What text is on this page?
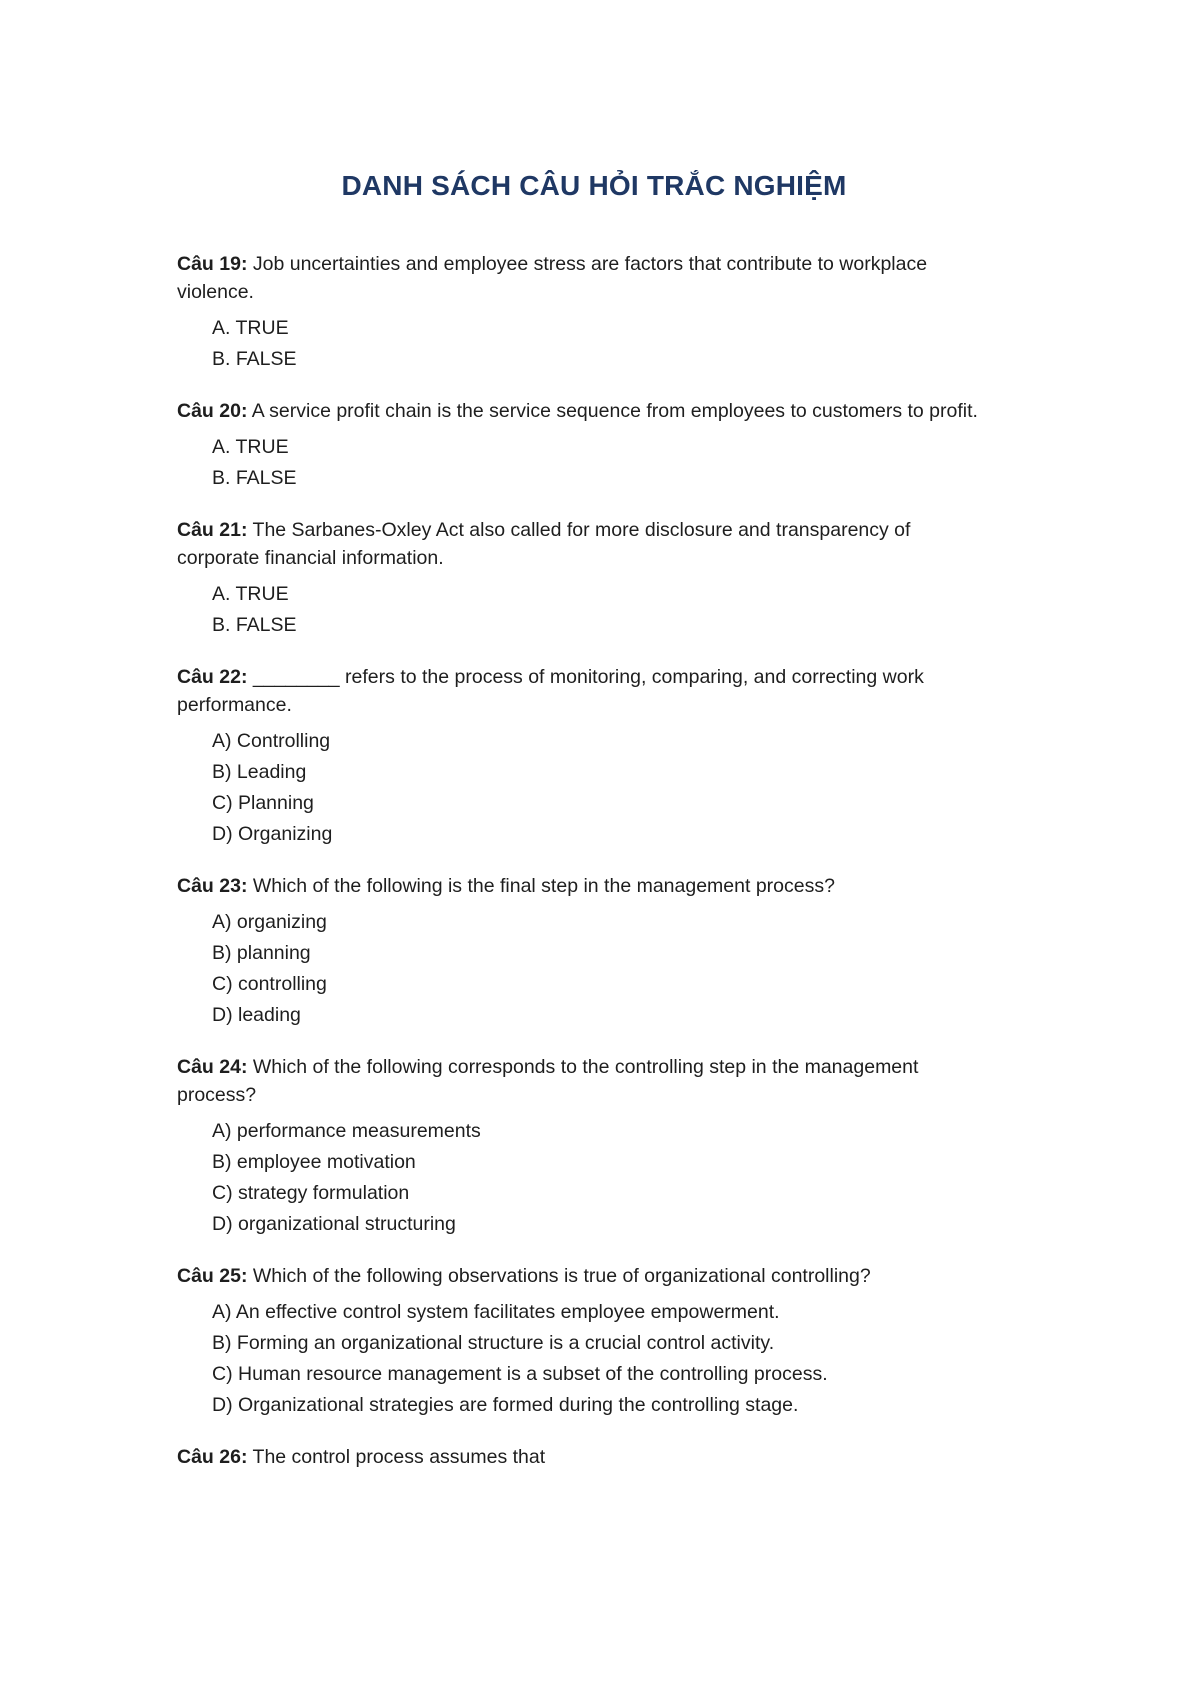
DANH SÁCH CÂU HỎI TRẮC NGHIỆM

Câu 19: Job uncertainties and employee stress are factors that contribute to workplace violence.

A. TRUE
B. FALSE

Câu 20: A service profit chain is the service sequence from employees to customers to profit.

A. TRUE
B. FALSE

Câu 21: The Sarbanes-Oxley Act also called for more disclosure and transparency of corporate financial information.

A. TRUE
B. FALSE

Câu 22: ________ refers to the process of monitoring, comparing, and correcting work performance.

A) Controlling
B) Leading
C) Planning
D) Organizing

Câu 23: Which of the following is the final step in the management process?

A) organizing
B) planning
C) controlling
D) leading

Câu 24: Which of the following corresponds to the controlling step in the management process?

A) performance measurements
B) employee motivation
C) strategy formulation
D) organizational structuring

Câu 25: Which of the following observations is true of organizational controlling?

A) An effective control system facilitates employee empowerment.
B) Forming an organizational structure is a crucial control activity.
C) Human resource management is a subset of the controlling process.
D) Organizational strategies are formed during the controlling stage.

Câu 26: The control process assumes that
